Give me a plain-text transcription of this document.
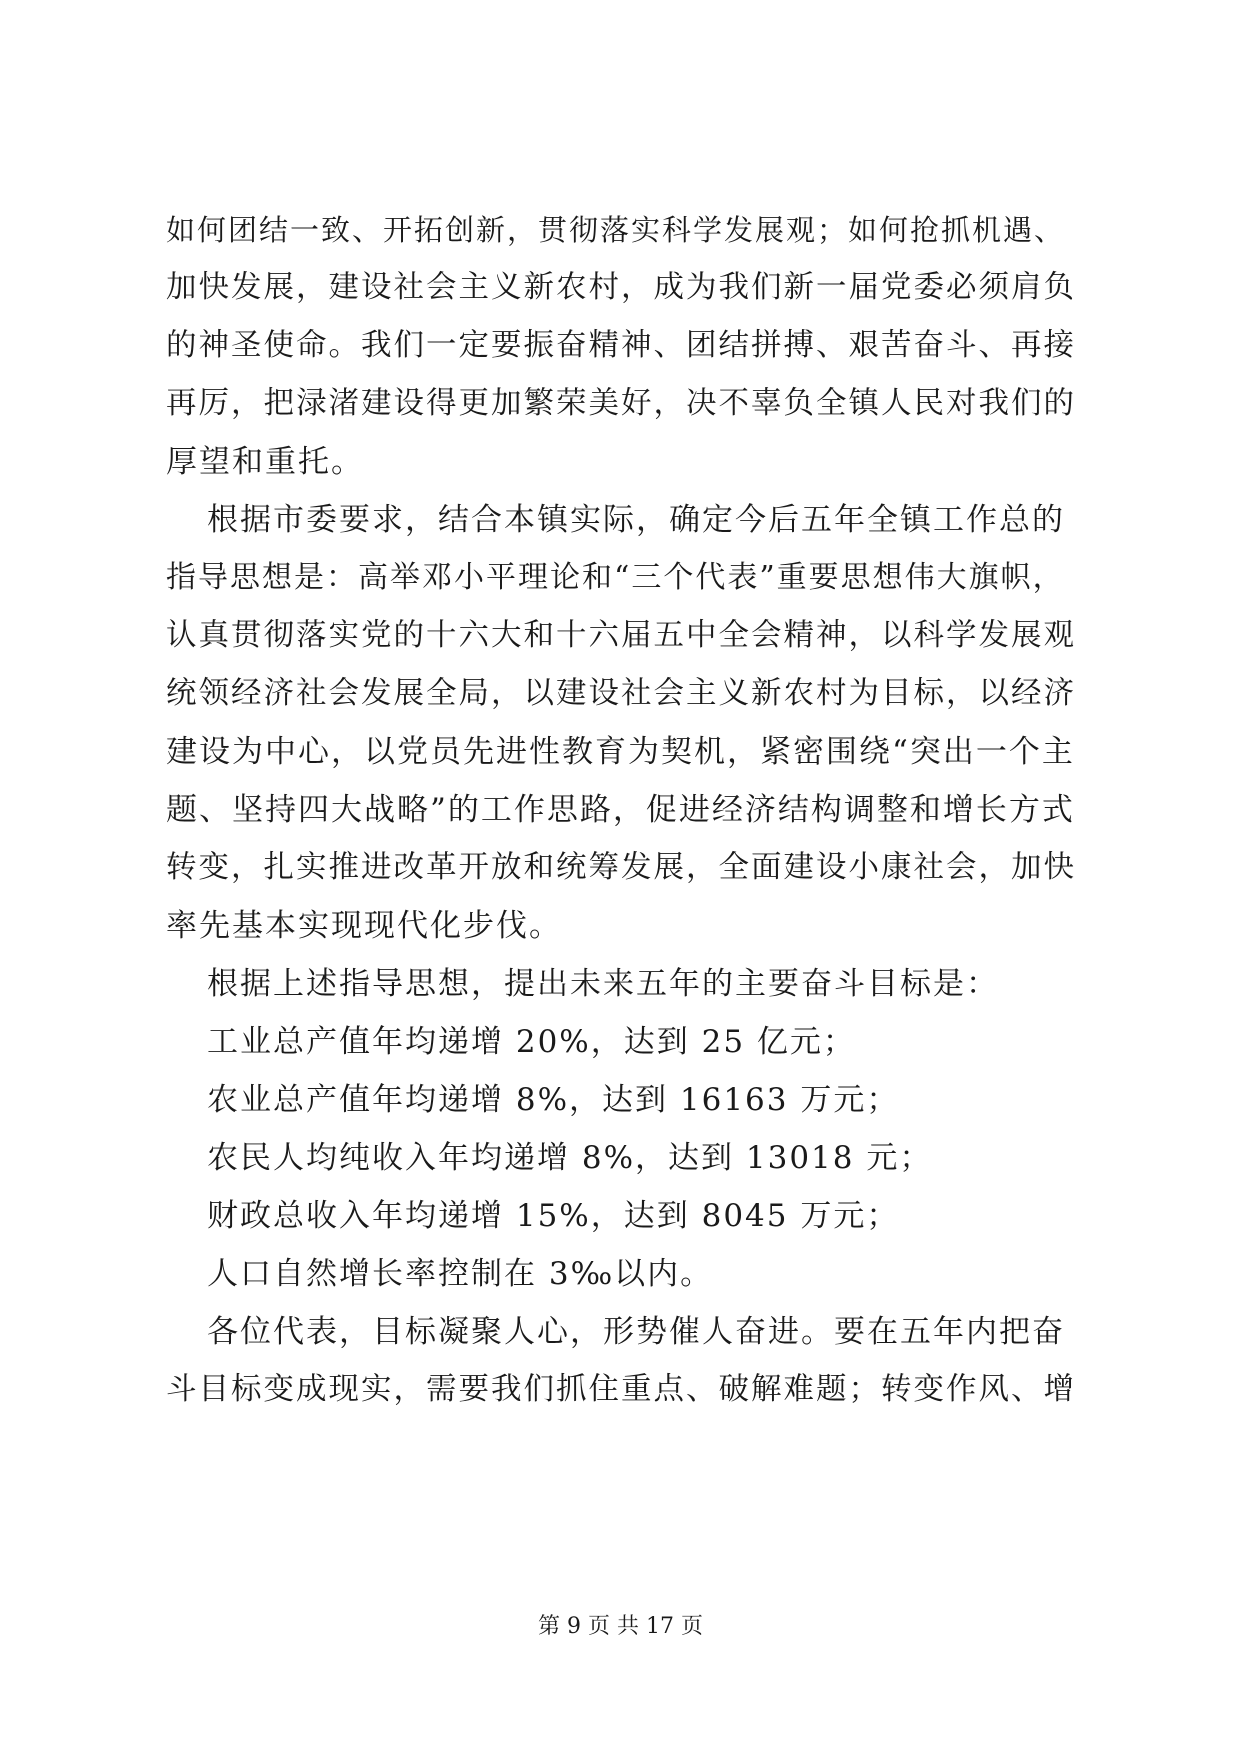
如何团结一致、开拓创新，贯彻落实科学发展观；如何抢抓机遇、
加快发展，建设社会主义新农村，成为我们新一届党委必须肩负
的神圣使命。我们一定要振奋精神、团结拼搏、艰苦奋斗、再接
再厉，把渌渚建设得更加繁荣美好，决不辜负全镇人民对我们的
厚望和重托。
根据市委要求，结合本镇实际，确定今后五年全镇工作总的
指导思想是：高举邓小平理论和“三个代表”重要思想伟大旗帜，
认真贯彻落实党的十六大和十六届五中全会精神，以科学发展观
统领经济社会发展全局，以建设社会主义新农村为目标，以经济
建设为中心，以党员先进性教育为契机，紧密围绕“突出一个主
题、坚持四大战略”的工作思路，促进经济结构调整和增长方式
转变，扎实推进改革开放和统筹发展，全面建设小康社会，加快
率先基本实现现代化步伐。
根据上述指导思想，提出未来五年的主要奋斗目标是：
工业总产值年均递增 20%，达到 25 亿元；
农业总产值年均递增 8%，达到 16163 万元；
农民人均纯收入年均递增 8%，达到 13018 元；
财政总收入年均递增 15%，达到 8045 万元；
人口自然增长率控制在 3‰以内。
各位代表，目标凝聚人心，形势催人奋进。要在五年内把奋
斗目标变成现实，需要我们抓住重点、破解难题；转变作风、增
第 9 页 共 17 页
